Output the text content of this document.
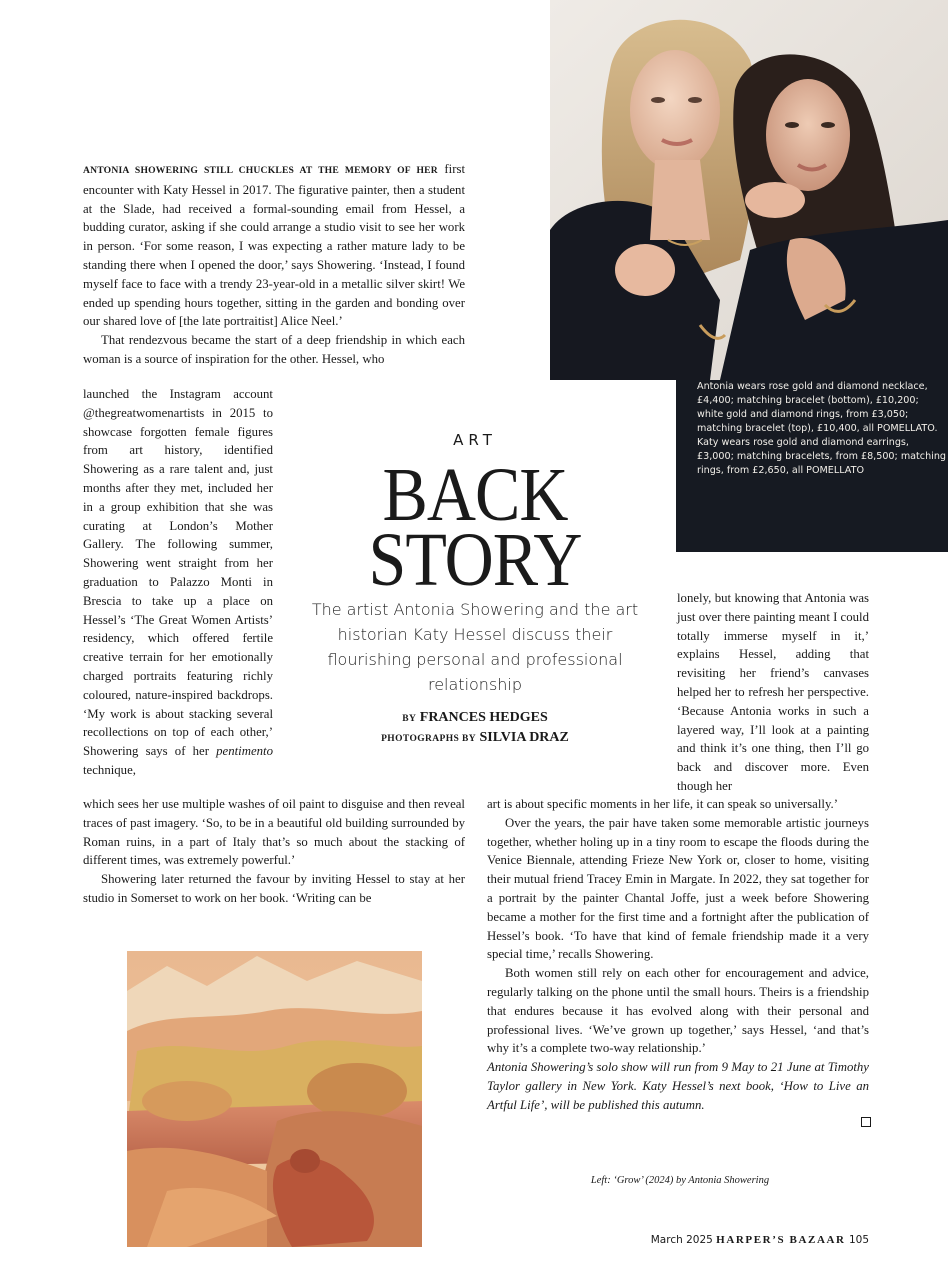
Antonia wears rose gold and diamond necklace, £4,400; matching bracelet (bottom), £10,200; white gold and diamond rings, from £3,050; matching bracelet (top), £10,400, all POMELLATO. Katy wears rose gold and diamond earrings, £3,000; matching bracelets, from £8,500; matching rings, from £2,650, all POMELLATO

ANTONIA SHOWERING STILL CHUCKLES AT THE MEMORY OF HER first encounter with Katy Hessel in 2017. The figurative painter, then a student at the Slade, had received a formal-sounding email from Hessel, a budding curator, asking if she could arrange a studio visit to see her work in person. ‘For some reason, I was expecting a rather mature lady to be standing there when I opened the door,’ says Showering. ‘Instead, I found myself face to face with a trendy 23-year-old in a metallic silver skirt! We ended up spending hours together, sitting in the garden and bonding over our shared love of [the late portraitist] Alice Neel.’

That rendezvous became the start of a deep friendship in which each woman is a source of inspiration for the other. Hessel, who

launched the Instagram account @thegreatwomenartists in 2015 to showcase forgotten female figures from art history, identified Showering as a rare talent and, just months after they met, included her in a group exhibition that she was curating at London’s Mother Gallery. The following summer, Showering went straight from her graduation to Palazzo Monti in Brescia to take up a place on Hessel’s ‘The Great Women Artists’ residency, which offered fertile creative terrain for her emotionally charged portraits featuring richly coloured, nature-inspired backdrops. ‘My work is about stacking several recollections on top of each other,’ Showering says of her pentimento technique,

which sees her use multiple washes of oil paint to disguise and then reveal traces of past imagery. ‘So, to be in a beautiful old building surrounded by Roman ruins, in a part of Italy that’s so much about the stacking of different times, was extremely powerful.’

Showering later returned the favour by inviting Hessel to stay at her studio in Somerset to work on her book. ‘Writing can be

ART
BACK
STORY
The artist Antonia Showering and the art historian Katy Hessel discuss their flourishing personal and professional relationship
BY FRANCES HEDGES
PHOTOGRAPHS BY SILVIA DRAZ

lonely, but knowing that Antonia was just over there painting meant I could totally immerse myself in it,’ explains Hessel, adding that revisiting her friend’s canvases helped her to refresh her perspective. ‘Because Antonia works in such a layered way, I’ll look at a painting and think it’s one thing, then I’ll go back and discover more. Even though her

art is about specific moments in her life, it can speak so universally.’

Over the years, the pair have taken some memorable artistic journeys together, whether holing up in a tiny room to escape the floods during the Venice Biennale, attending Frieze New York or, closer to home, visiting their mutual friend Tracey Emin in Margate. In 2022, they sat together for a portrait by the painter Chantal Joffe, just a week before Showering became a mother for the first time and a fortnight after the publication of Hessel’s book. ‘To have that kind of female friendship made it a very special time,’ recalls Showering.

Both women still rely on each other for encouragement and advice, regularly talking on the phone until the small hours. Theirs is a friendship that endures because it has evolved along with their personal and professional lives. ‘We’ve grown up together,’ says Hessel, ‘and that’s why it’s a complete two-way relationship.’

Antonia Showering’s solo show will run from 9 May to 21 June at Timothy Taylor gallery in New York. Katy Hessel’s next book, ‘How to Live an Artful Life’, will be published this autumn.

Left: ‘Grow’ (2024) by Antonia Showering
March 2025 HARPER’S BAZAAR 105
